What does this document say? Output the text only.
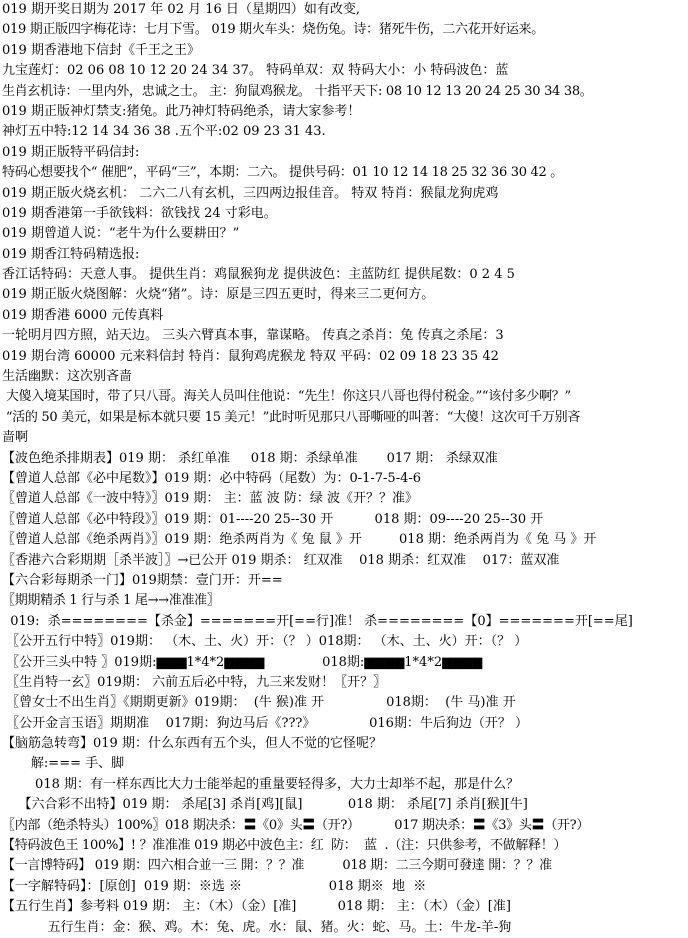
019 期开奖日期为 2017 年 02 月 16 日（星期四）如有改变,
019 期正版四字梅花诗：七月下雪。 019 期火车头：烧伤兔。诗：猪死牛伤，二六花开好运来。
019 期香港地下信封《千王之王》
九宝莲灯：02 06 08 10 12 20 24 34 37。 特码单双：双 特码大小：小 特码波色：蓝
生肖玄机诗：一里内外，忠诚之士。 主：狗鼠鸡猴龙。 十指平天下: 08 10 12 13 20 24 25 30 34 38。
019 期正版神灯禁支:猪兔。此乃神灯特码绝杀，请大家参考！
神灯五中特:12 14 34 36 38 .五个平:02 09 23 31 43.
019 期正版特平码信封:
特码心想要找个“ 催肥”，平码“三”，本期：二六。 提供号码：01 10 12 14 18 25 32 36 30 42 。
019 期正版火烧玄机： 二六二八有玄机，三四两边报佳音。 特双 特肖：猴鼠龙狗虎鸡
019 期香港第一手欲钱料：欲钱找 24 寸彩电。
019 期曾道人说：“老牛为什么要耕田？”
019 期香江特码精选报:
香江话特码：天意人事。 提供生肖：鸡鼠猴狗龙 提供波色：主蓝防红 提供尾数：0 2 4 5
019 期正版火烧图解：火烧“猪”。诗：原是三四五更时，得来三二更何方。
019 期香港 6000 元传真料
一轮明月四方照，站天边。 三头六臂真本事，靠谋略。 传真之杀肖：兔 传真之杀尾：3
019 期台湾 60000 元来料信封 特肖：鼠狗鸡虎猴龙 特双 平码：02 09 18 23 35 42
生活幽默：这次别吝啬
大傻入境某国时，带了只八哥。海关人员叫住他说：“先生！你这只八哥也得付税金。”“该付多少啊？”
“活的 50 美元，如果是标本就只要 15 美元！”此时听见那只八哥嘶哑的叫著：“大傻！这次可千万别吝
啬啊
【波色绝杀排期表】019 期： 杀红单准     018 期：杀绿单准       017 期： 杀绿双准
【曾道人总部《必中尾数》】019 期：必中特码（尾数）为：0-1-7-5-4-6
〖曾道人总部《一波中特》〗019 期： 主：蓝 波 防：绿 波《开？？准》
〖曾道人总部《必中特段》〗019 期：01----20 25--30 开          018 期：09----20 25--30 开
〖曾道人总部《绝杀两肖》〗019 期：绝杀两肖为《 兔 鼠 》开         018 期：绝杀两肖为《 兔 马 》开
〖香港六合彩期期［杀半波］〗→已公开 019 期杀： 红双准    018 期杀：红双准    017：蓝双准
【六合彩每期杀一门】019期禁：壹门开：开==
〖期期精杀 1 行与杀 1 尾→→准准准〗
019:  杀========【杀金】=======开[==行]准！ 杀========【0】=======开[==尾]
〖公开五行中特〗019期： （木、土、火）开：（？ ）018期： （木、土、火）开：（？ ）
〖公开三头中特 〗019期:▆▆▆1*4*2▆▆▆▆              018期:▆▆▆▆1*4*2▆▆▆▆
〖生肖特一玄〗019期： 六前五后必中特，九三来发财！〖开？〗
〖曾女士不出生肖〗《期期更新》019期：  (牛 猴)准 开               018期：  (牛 马)准 开
〖公开金言玉语〗期期准    017期：狗边马后《???》             016期：牛后狗边（开？ ）
【脑筋急转弯】019 期：什么东西有五个头，但人不觉的它怪呢？
解:=== 手、脚
018 期：有一样东西比大力士能举起的重量要轻得多，大力士却举不起，那是什么？
【六合彩不出特】019 期： 杀尾[3] 杀肖[鸡][鼠]           018 期： 杀尾[7] 杀肖[猴][牛]
〖内部（绝杀特头）100%〗018 期决杀：〓《0》头〓（开?）         017 期决杀：〓《3》头〓（开?）
【特码波色王 100%】! ？准准准 019 期必中波色主：红  防：  蓝  .（注：只供参考，不做解释！）
【一言博特码】 019 期：四六相合並一三 開：？？准          018 期：二三今期可發達 開：？？准
【一字解特码】：[原创]  019 期：※选 ※                     018 期※  地  ※
【五行生肖】参考料 019 期： 主：（木）（金）[准]          018 期： 主：（木）（金）[准]
五行生肖：金：猴、鸡。木：兔、虎。水：鼠、猪。火：蛇、马。土：牛龙-羊-狗
